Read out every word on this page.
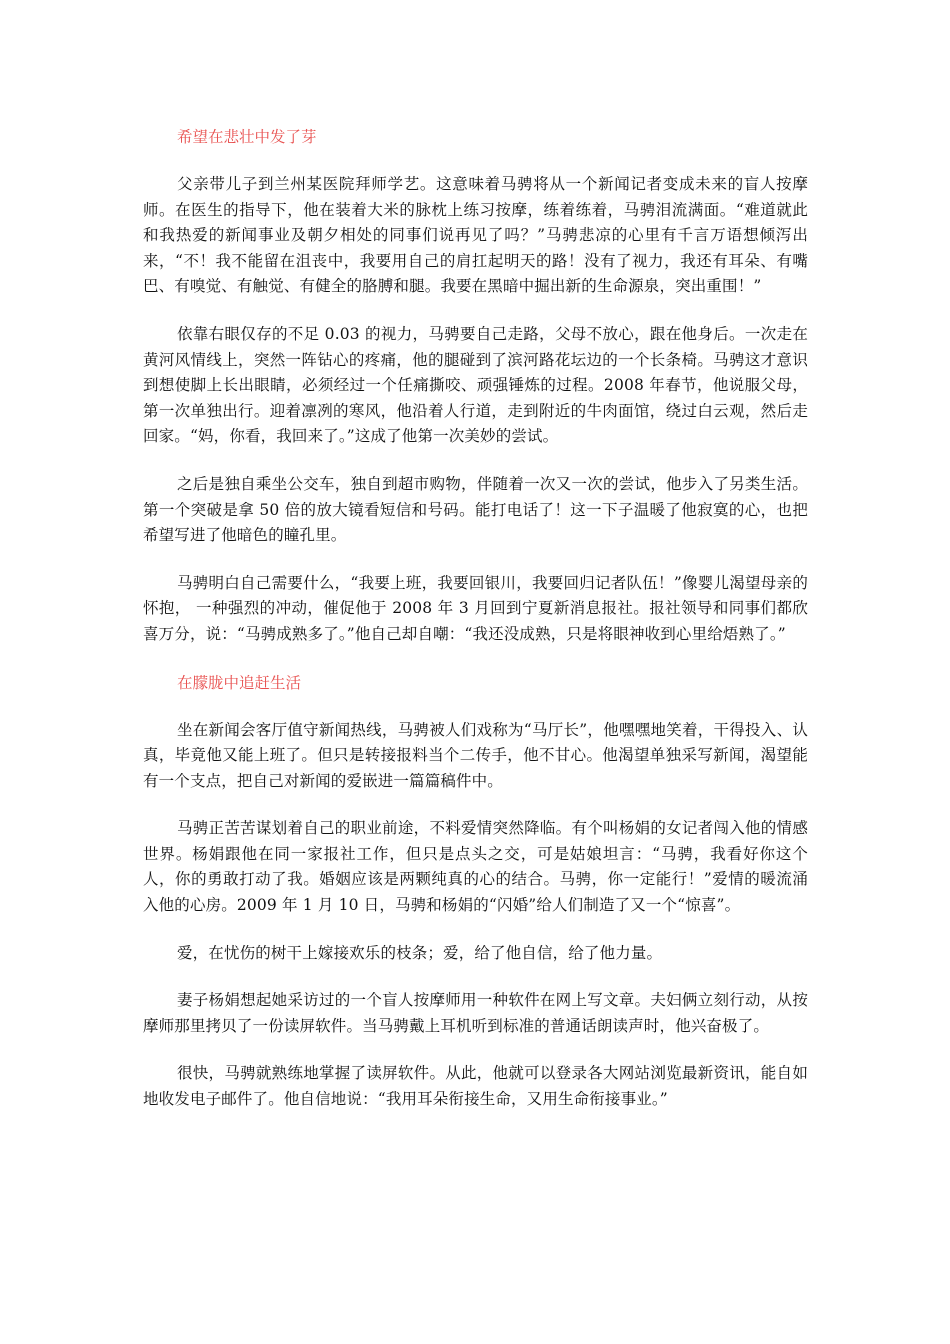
希望在悲壮中发了芽

父亲带儿子到兰州某医院拜师学艺。这意味着马骋将从一个新闻记者变成未来的盲人按摩师。在医生的指导下，他在装着大米的脉枕上练习按摩，练着练着，马骋泪流满面。“难道就此和我热爱的新闻事业及朝夕相处的同事们说再见了吗？”马骋悲凉的心里有千言万语想倾泻出来，“不！我不能留在沮丧中，我要用自己的肩扛起明天的路！没有了视力，我还有耳朵、有嘴巴、有嗅觉、有触觉、有健全的胳膊和腿。我要在黑暗中掘出新的生命源泉，突出重围！”

依靠右眼仅存的不足 0.03 的视力，马骋要自己走路，父母不放心，跟在他身后。一次走在黄河风情线上，突然一阵钻心的疼痛，他的腿碰到了滨河路花坛边的一个长条椅。马骋这才意识到想使脚上长出眼睛，必须经过一个任痛撕咬、顽强锤炼的过程。2008 年春节，他说服父母，第一次单独出行。迎着凛冽的寒风，他沿着人行道，走到附近的牛肉面馆，绕过白云观，然后走回家。“妈，你看，我回来了。”这成了他第一次美妙的尝试。

之后是独自乘坐公交车，独自到超市购物，伴随着一次又一次的尝试，他步入了另类生活。第一个突破是拿 50 倍的放大镜看短信和号码。能打电话了！这一下子温暖了他寂寞的心，也把希望写进了他暗色的瞳孔里。

马骋明白自己需要什么，“我要上班，我要回银川，我要回归记者队伍！”像婴儿渴望母亲的怀抱， 一种强烈的冲动，催促他于 2008 年 3 月回到宁夏新消息报社。报社领导和同事们都欣喜万分，说：“马骋成熟多了。”他自己却自嘲：“我还没成熟，只是将眼神收到心里给焐熟了。”

在朦胧中追赶生活

坐在新闻会客厅值守新闻热线，马骋被人们戏称为“马厅长”，他嘿嘿地笑着，干得投入、认真，毕竟他又能上班了。但只是转接报料当个二传手，他不甘心。他渴望单独采写新闻，渴望能有一个支点，把自己对新闻的爱嵌进一篇篇稿件中。

马骋正苦苦谋划着自己的职业前途，不料爱情突然降临。有个叫杨娟的女记者闯入他的情感世界。杨娟跟他在同一家报社工作，但只是点头之交，可是姑娘坦言：“马骋，我看好你这个人，你的勇敢打动了我。婚姻应该是两颗纯真的心的结合。马骋，你一定能行！”爱情的暖流涌入他的心房。2009 年 1 月 10 日，马骋和杨娟的“闪婚”给人们制造了又一个“惊喜”。

爱，在忧伤的树干上嫁接欢乐的枝条；爱，给了他自信，给了他力量。

妻子杨娟想起她采访过的一个盲人按摩师用一种软件在网上写文章。夫妇俩立刻行动，从按摩师那里拷贝了一份读屏软件。当马骋戴上耳机听到标准的普通话朗读声时，他兴奋极了。

很快，马骋就熟练地掌握了读屏软件。从此，他就可以登录各大网站浏览最新资讯，能自如地收发电子邮件了。他自信地说：“我用耳朵衔接生命，又用生命衔接事业。”
